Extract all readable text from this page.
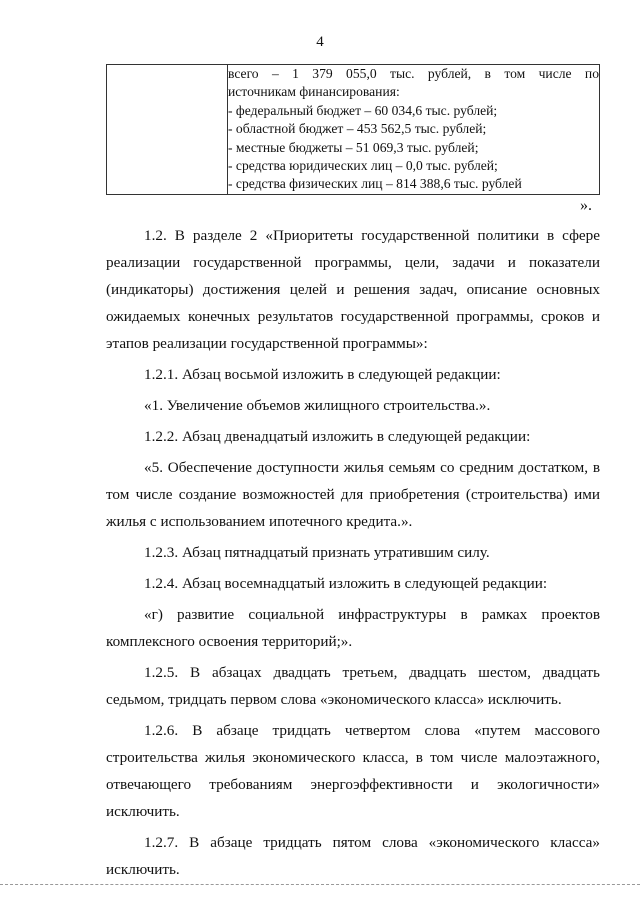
4

всего – 1 379 055,0 тыс. рублей, в том числе по
источникам финансирования:
- федеральный бюджет – 60 034,6 тыс. рублей;
- областной бюджет – 453 562,5 тыс. рублей;
- местные бюджеты – 51 069,3 тыс. рублей;
- средства юридических лиц – 0,0 тыс. рублей;
- средства физических лиц – 814 388,6 тыс. рублей
».

1.2. В разделе 2 «Приоритеты государственной политики в сфере реализации государственной программы, цели, задачи и показатели (индикаторы) достижения целей и решения задач, описание основных ожидаемых конечных результатов государственной программы, сроков и этапов реализации государственной программы»:

1.2.1. Абзац восьмой изложить в следующей редакции:

«1. Увеличение объемов жилищного строительства.».

1.2.2. Абзац двенадцатый изложить в следующей редакции:

«5. Обеспечение доступности жилья семьям со средним достатком, в том числе создание возможностей для приобретения (строительства) ими жилья с использованием ипотечного кредита.».

1.2.3. Абзац пятнадцатый признать утратившим силу.

1.2.4. Абзац восемнадцатый изложить в следующей редакции:

«г) развитие социальной инфраструктуры в рамках проектов комплексного освоения территорий;».

1.2.5. В абзацах двадцать третьем, двадцать шестом, двадцать седьмом, тридцать первом слова «экономического класса» исключить.

1.2.6. В абзаце тридцать четвертом слова «путем массового строительства жилья экономического класса, в том числе малоэтажного, отвечающего требованиям энергоэффективности и экологичности» исключить.

1.2.7. В абзаце тридцать пятом слова «экономического класса» исключить.
